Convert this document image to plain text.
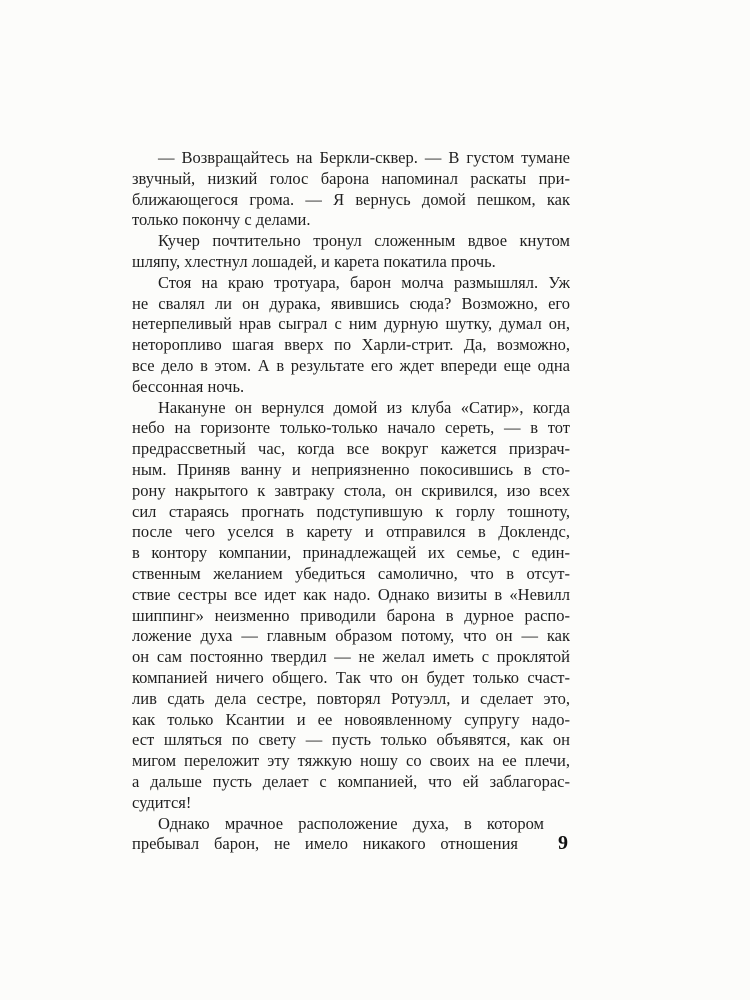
— Возвращайтесь на Беркли-сквер. — В густом тумане
звучный, низкий голос барона напоминал раскаты при-
ближающегося грома. — Я вернусь домой пешком, как
только покончу с делами.
Кучер почтительно тронул сложенным вдвое кнутом
шляпу, хлестнул лошадей, и карета покатила прочь.
Стоя на краю тротуара, барон молча размышлял. Уж
не свалял ли он дурака, явившись сюда? Возможно, его
нетерпеливый нрав сыграл с ним дурную шутку, думал он,
неторопливо шагая вверх по Харли-стрит. Да, возможно,
все дело в этом. А в результате его ждет впереди еще одна
бессонная ночь.
Накануне он вернулся домой из клуба «Сатир», когда
небо на горизонте только-только начало сереть, — в тот
предрассветный час, когда все вокруг кажется призрач-
ным. Приняв ванну и неприязненно покосившись в сто-
рону накрытого к завтраку стола, он скривился, изо всех
сил стараясь прогнать подступившую к горлу тошноту,
после чего уселся в карету и отправился в Доклендс,
в контору компании, принадлежащей их семье, с един-
ственным желанием убедиться самолично, что в отсут-
ствие сестры все идет как надо. Однако визиты в «Невилл
шиппинг» неизменно приводили барона в дурное распо-
ложение духа — главным образом потому, что он — как
он сам постоянно твердил — не желал иметь с проклятой
компанией ничего общего. Так что он будет только счаст-
лив сдать дела сестре, повторял Ротуэлл, и сделает это,
как только Ксантии и ее новоявленному супругу надо-
ест шляться по свету — пусть только объявятся, как он
мигом переложит эту тяжкую ношу со своих на ее плечи,
а дальше пусть делает с компанией, что ей заблагорас-
судится!
Однако мрачное расположение духа, в котором
пребывал барон, не имело никакого отношения 9
